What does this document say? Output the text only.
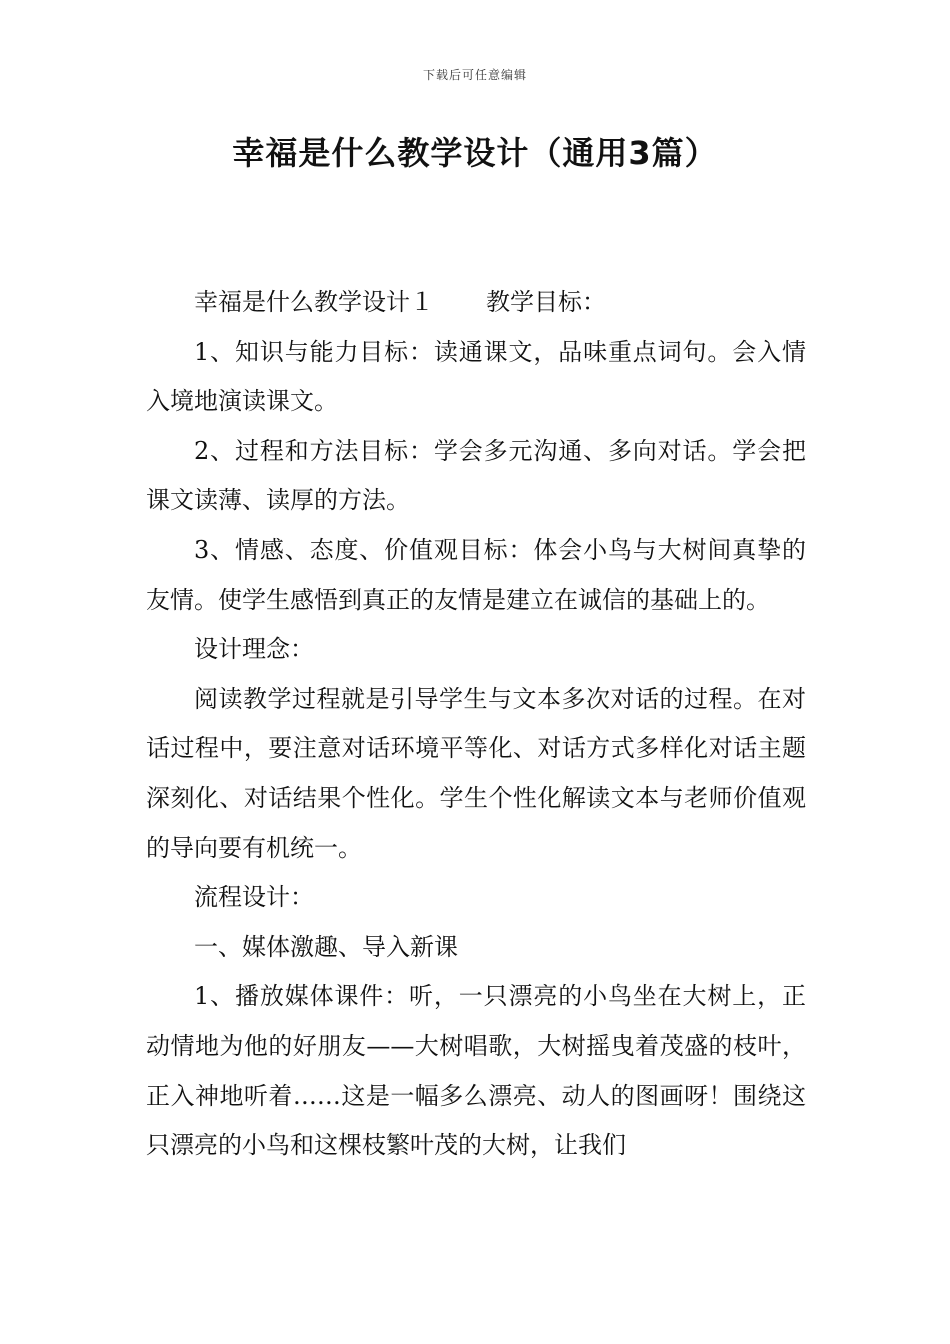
下载后可任意编辑
幸福是什么教学设计（通用3篇）

幸福是什么教学设计１ 教学目标：

1、知识与能力目标：读通课文，品味重点词句。会入情入境地演读课文。

2、过程和方法目标：学会多元沟通、多向对话。学会把课文读薄、读厚的方法。

3、情感、态度、价值观目标：体会小鸟与大树间真挚的友情。使学生感悟到真正的友情是建立在诚信的基础上的。

设计理念：

阅读教学过程就是引导学生与文本多次对话的过程。在对话过程中，要注意对话环境平等化、对话方式多样化对话主题深刻化、对话结果个性化。学生个性化解读文本与老师价值观的导向要有机统一。

流程设计：

一、媒体激趣、导入新课

1、播放媒体课件：听，一只漂亮的小鸟坐在大树上，正动情地为他的好朋友——大树唱歌，大树摇曳着茂盛的枝叶，正入神地听着……这是一幅多么漂亮、动人的图画呀！围绕这只漂亮的小鸟和这棵枝繁叶茂的大树，让我们
